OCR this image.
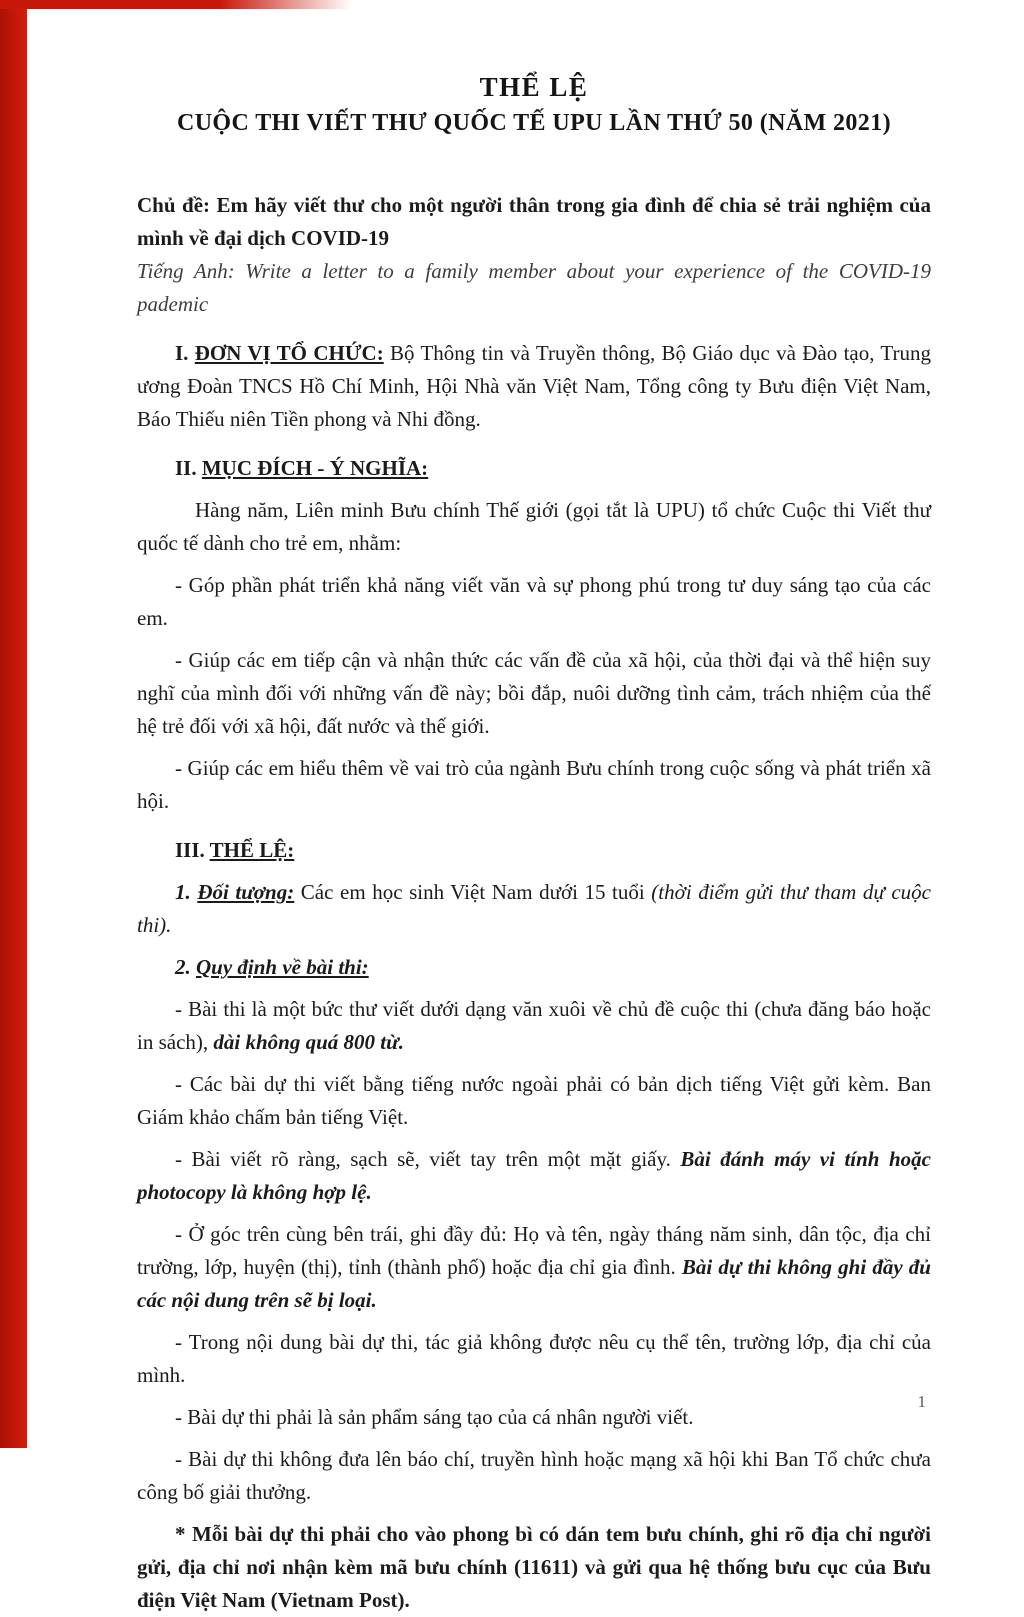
THỂ LỆ
CUỘC THI VIẾT THƯ QUỐC TẾ UPU LẦN THỨ 50 (NĂM 2021)

Chủ đề: Em hãy viết thư cho một người thân trong gia đình để chia sẻ trải nghiệm của mình về đại dịch COVID-19

Tiếng Anh: Write a letter to a family member about your experience of the COVID-19 pademic

I. ĐƠN VỊ TỔ CHỨC: Bộ Thông tin và Truyền thông, Bộ Giáo dục và Đào tạo, Trung ương Đoàn TNCS Hồ Chí Minh, Hội Nhà văn Việt Nam, Tổng công ty Bưu điện Việt Nam, Báo Thiếu niên Tiền phong và Nhi đồng.

II. MỤC ĐÍCH - Ý NGHĨA:

Hàng năm, Liên minh Bưu chính Thế giới (gọi tắt là UPU) tổ chức Cuộc thi Viết thư quốc tế dành cho trẻ em, nhằm:

- Góp phần phát triển khả năng viết văn và sự phong phú trong tư duy sáng tạo của các em.

- Giúp các em tiếp cận và nhận thức các vấn đề của xã hội, của thời đại và thể hiện suy nghĩ của mình đối với những vấn đề này; bồi đắp, nuôi dưỡng tình cảm, trách nhiệm của thế hệ trẻ đối với xã hội, đất nước và thế giới.

- Giúp các em hiểu thêm về vai trò của ngành Bưu chính trong cuộc sống và phát triển xã hội.

III. THỂ LỆ:

1. Đối tượng: Các em học sinh Việt Nam dưới 15 tuổi (thời điểm gửi thư tham dự cuộc thi).

2. Quy định về bài thi:

- Bài thi là một bức thư viết dưới dạng văn xuôi về chủ đề cuộc thi (chưa đăng báo hoặc in sách), dài không quá 800 từ.

- Các bài dự thi viết bằng tiếng nước ngoài phải có bản dịch tiếng Việt gửi kèm. Ban Giám khảo chấm bản tiếng Việt.

- Bài viết rõ ràng, sạch sẽ, viết tay trên một mặt giấy. Bài đánh máy vi tính hoặc photocopy là không hợp lệ.

- Ở góc trên cùng bên trái, ghi đầy đủ: Họ và tên, ngày tháng năm sinh, dân tộc, địa chỉ trường, lớp, huyện (thị), tỉnh (thành phố) hoặc địa chỉ gia đình. Bài dự thi không ghi đầy đủ các nội dung trên sẽ bị loại.

- Trong nội dung bài dự thi, tác giả không được nêu cụ thể tên, trường lớp, địa chỉ của mình.

- Bài dự thi phải là sản phẩm sáng tạo của cá nhân người viết.

- Bài dự thi không đưa lên báo chí, truyền hình hoặc mạng xã hội khi Ban Tổ chức chưa công bố giải thưởng.

* Mỗi bài dự thi phải cho vào phong bì có dán tem bưu chính, ghi rõ địa chỉ người gửi, địa chỉ nơi nhận kèm mã bưu chính (11611) và gửi qua hệ thống bưu cục của Bưu điện Việt Nam (Vietnam Post).

1
